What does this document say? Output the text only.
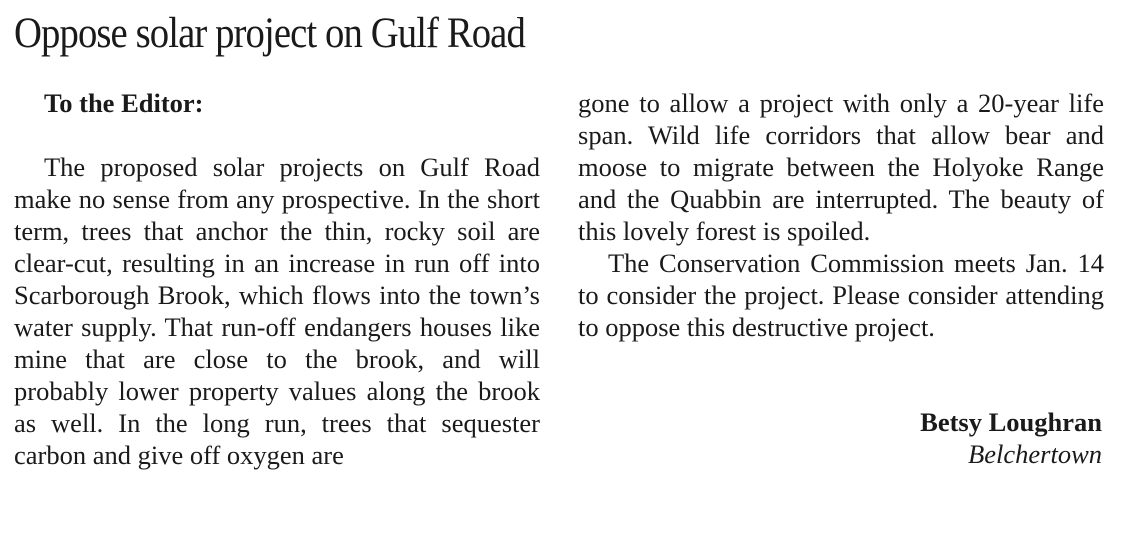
Oppose solar project on Gulf Road

To the Editor:

The proposed solar projects on Gulf Road make no sense from any prospective. In the short term, trees that anchor the thin, rocky soil are clear-cut, resulting in an increase in run off into Scarborough Brook, which flows into the town’s water supply. That run-off endangers houses like mine that are close to the brook, and will probably lower property values along the brook as well. In the long run, trees that sequester carbon and give off oxygen are

gone to allow a project with only a 20-year life span. Wild life corridors that allow bear and moose to migrate between the Holyoke Range and the Quabbin are interrupted. The beauty of this lovely forest is spoiled.

The Conservation Commission meets Jan. 14 to consider the project. Please consider attending to oppose this destructive project.

Betsy Loughran
Belchertown
